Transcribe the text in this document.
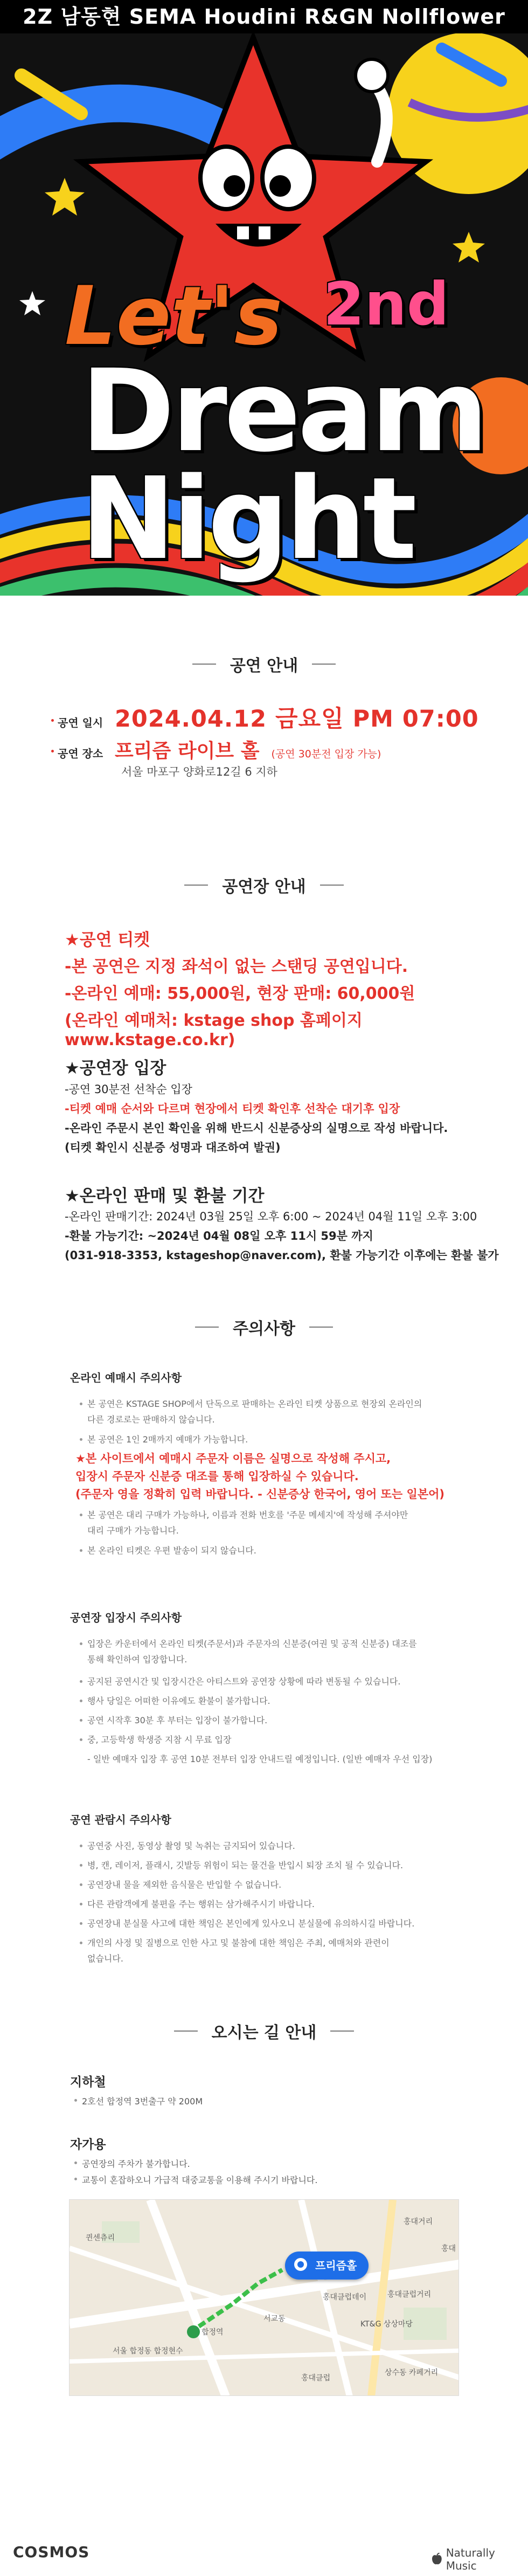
2Z 남동현 SEMA Houdini R&GN Nollflower
Let's 2nd
Dream
Night
공연 안내
공연 일시 2024.04.12 금요일 PM 07:00
공연 장소 프리즘 라이브 홀 (공연 30분전 입장 가능)
서울 마포구 양화로12길 6 지하
공연장 안내
★공연 티켓
-본 공연은 지정 좌석이 없는 스탠딩 공연입니다.
-온라인 예매: 55,000원, 현장 판매: 60,000원
(온라인 예매처: kstage shop 홈페이지 www.kstage.co.kr)
★공연장 입장
-공연 30분전 선착순 입장
-티켓 예매 순서와 다르며 현장에서 티켓 확인후 선착순 대기후 입장
-온라인 주문시 본인 확인을 위해 반드시 신분증상의 실명으로 작성 바랍니다.
(티켓 확인시 신분증 성명과 대조하여 발권)
★온라인 판매 및 환불 기간
-온라인 판매기간: 2024년 03월 25일 오후 6:00 ~ 2024년 04월 11일 오후 3:00
-환불 가능기간: ~2024년 04월 08일 오후 11시 59분 까지
(031-918-3353, kstageshop@naver.com), 환불 가능기간 이후에는 환불 불가
주의사항
온라인 예매시 주의사항
본 공연은 KSTAGE SHOP에서 단독으로 판매하는 온라인 티켓 상품으로 현장외 온라인의
다른 경로로는 판매하지 않습니다.
본 공연은 1인 2매까지 예매가 가능합니다.
★본 사이트에서 예매시 주문자 이름은 실명으로 작성해 주시고,
입장시 주문자 신분증 대조를 통해 입장하실 수 있습니다.
(주문자 영을 정확히 입력 바랍니다. - 신분증상 한국어, 영어 또는 일본어)
본 공연은 대리 구매가 가능하나, 이름과 전화 번호를 '주문 메세지'에 작성해 주셔야만
대리 구매가 가능합니다.
본 온라인 티켓은 우편 발송이 되지 않습니다.
공연장 입장시 주의사항
입장은 카운터에서 온라인 티켓(주문서)과 주문자의 신분증(여권 및 공적 신분증) 대조를
통해 확인하여 입장합니다.
공지된 공연시간 및 입장시간은 아티스트와 공연장 상황에 따라 변동될 수 있습니다.
행사 당일은 어떠한 이유에도 환불이 불가합니다.
공연 시작후 30분 후 부터는 입장이 불가합니다.
중, 고등학생 학생증 지참 시 무료 입장
- 일반 예매자 입장 후 공연 10분 전부터 입장 안내드릴 예정입니다. (일반 예매자 우선 입장)
공연 관람시 주의사항
공연중 사진, 동영상 촬영 및 녹취는 금지되어 있습니다.
병, 캔, 레이저, 플래시, 깃발등 위험이 되는 물건을 반입시 퇴장 조치 될 수 있습니다.
공연장내 물을 제외한 음식물은 반입할 수 없습니다.
다른 관람객에게 불편을 주는 행위는 삼가해주시기 바랍니다.
공연장내 분실물 사고에 대한 책임은 본인에게 있사오니 분실물에 유의하시길 바랍니다.
개인의 사정 및 질병으로 인한 사고 및 불참에 대한 책임은 주최, 예매처와 관련이
없습니다.
오시는 길 안내
지하철
2호선 합정역 3번출구 약 200M
자가용
공연장의 주차가 불가합니다.
교통이 혼잡하오니 가급적 대중교통을 이용해 주시기 바랍니다.
홍대거리
홍대
홍대클럽거리
KT&G 상상마당
서교동
합정역
홍대클럽
상수동 카페거리
홍대클럽데이
서울 합정동 합정현수
퀸센츄리
프리즘홀
COSMOS	Naturally Music
